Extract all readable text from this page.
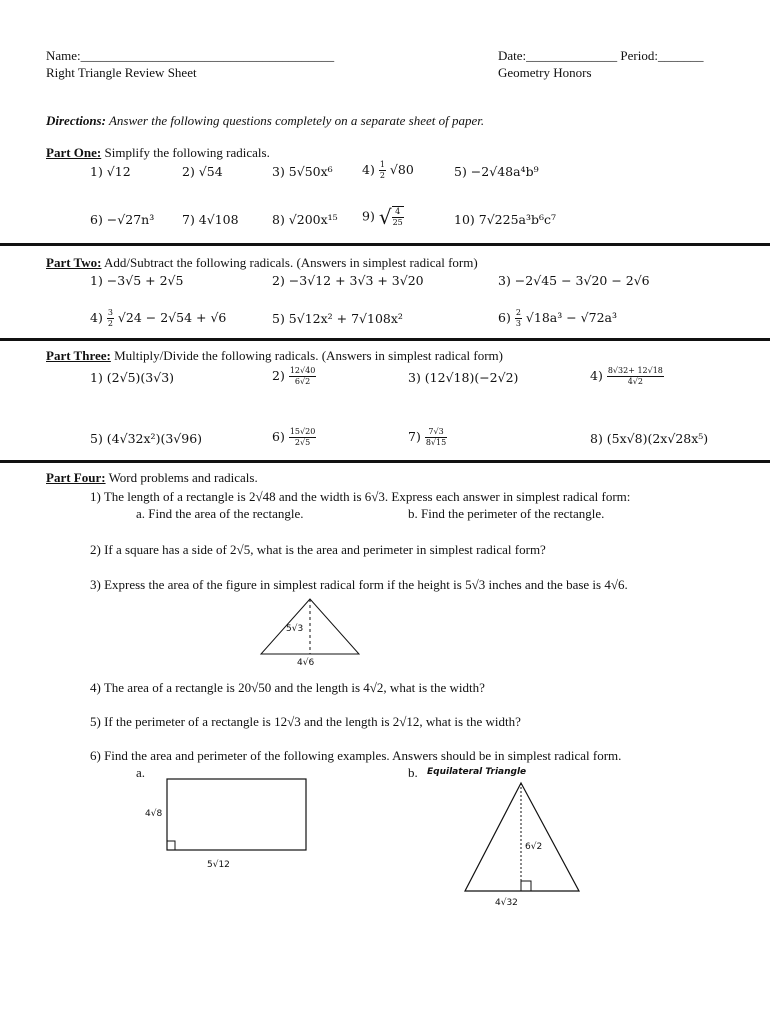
Name:_______________________________________
Right Triangle Review Sheet
Date:______________ Period:_______
Geometry Honors
Directions: Answer the following questions completely on a separate sheet of paper.
Part One: Simplify the following radicals.
1) √12	2) √54	3) 5√50x⁶ $4) \frac{1}{2} √80$	5) −2√48a⁴b⁹
6) −√27n³ 7) 4√108	8) √200x¹⁵ 9) √ $\frac{4}{25}$	10) 7√225a³b⁶c⁷
Part Two: Add/Subtract the following radicals. (Answers in simplest radical form)
1) −3√5 + 2√5	2) −3√12 + 3√3 + 3√20	3) −2√45 − 3√20 − 2√6
$4) \frac{3}{2} √24 - 2√54 + √6$	5) 5√12x² + 7√108x²	$6) \frac{2}{3} √18a^3 - √72a^3$
Part Three: Multiply/Divide the following radicals. (Answers in simplest radical form)
1) (2√5)(3√3)	$2) \frac{12√40}{6√2}$	3) (12√18)(−2√2)	$4) \frac{8√32+ 12√18}{4√2}$
5) (4√32x²)(3√96)	$6) \frac{15√20}{2√5}$	$7) \frac{7√3}{8√15}$	8) (5x√8)(2x√28x⁵)
Part Four: Word problems and radicals.
1) The length of a rectangle is 2√48 and the width is 6√3. Express each answer in simplest radical form:
a. Find the area of the rectangle.	b. Find the perimeter of the rectangle.
2) If a square has a side of 2√5, what is the area and perimeter in simplest radical form?
3) Express the area of the figure in simplest radical form if the height is 5√3 inches and the base is 4√6.
5√3
4√6
4) The area of a rectangle is 20√50 and the length is 4√2, what is the width?
5) If the perimeter of a rectangle is 12√3 and the length is 2√12, what is the width?
6) Find the area and perimeter of the following examples. Answers should be in simplest radical form.
a.	b.
4√8
5√12
Equilateral Triangle
6√2
4√32
